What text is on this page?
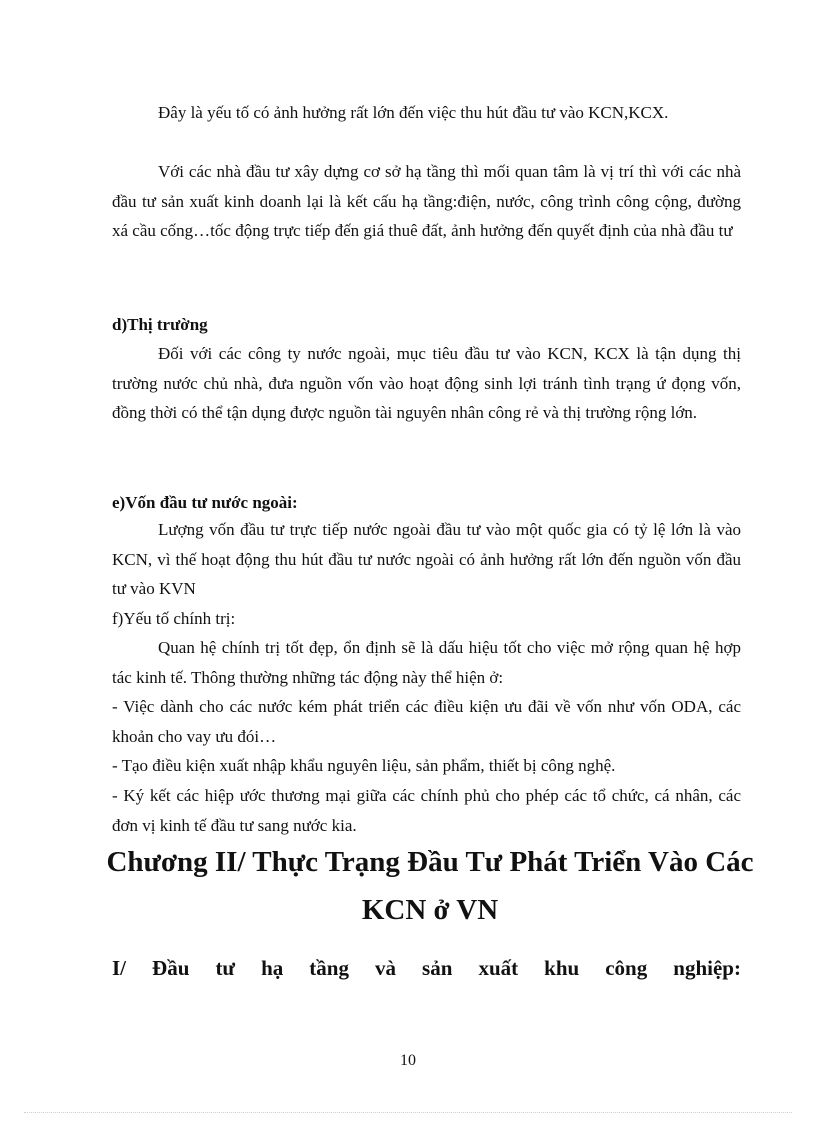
Đây là yếu tố có ảnh hưởng rất lớn đến việc thu hút đầu tư vào KCN,KCX.

Với các nhà đầu tư xây dựng cơ sở hạ tầng thì mối quan tâm là vị trí thì với các nhà đầu tư sản xuất kinh doanh lại là kết cấu hạ tầng:điện, nước, công trình công cộng, đường xá cầu cống…tốc động trực tiếp đến giá thuê đất, ảnh hưởng đến quyết định của nhà đầu tư

d)Thị trường

Đối với các công ty nước ngoài, mục tiêu đầu tư vào KCN, KCX là tận dụng thị trường nước chủ nhà, đưa nguồn vốn vào hoạt động sinh lợi tránh tình trạng ứ đọng vốn, đồng thời có thể tận dụng được nguồn tài nguyên nhân công rẻ và thị trường rộng lớn.

e)Vốn đầu tư nước ngoài:

Lượng vốn đầu tư trực tiếp nước ngoài đầu tư vào một quốc gia có tỷ lệ lớn là vào KCN, vì thế hoạt động thu hút đầu tư nước ngoài có ảnh hưởng rất lớn đến nguồn vốn đầu tư vào KVN

f)Yếu tố chính trị:

Quan hệ chính trị tốt đẹp, ổn định sẽ là dấu hiệu tốt cho việc mở rộng quan hệ hợp tác kinh tế. Thông thường những tác động này thể hiện ở:

- Việc dành cho các nước kém phát triển các điều kiện ưu đãi về vốn như vốn ODA, các khoản cho vay ưu đói…

- Tạo điều kiện xuất nhập khẩu nguyên liệu, sản phẩm, thiết bị công nghệ.

- Ký kết các hiệp ước thương mại giữa các chính phủ cho phép các tổ chức, cá nhân, các đơn vị kinh tế đầu tư sang nước kia.

Chương II/ Thực Trạng Đầu Tư Phát Triển Vào Các KCN ở VN
I/ Đầu tư hạ tầng và sản xuất khu công nghiệp:
10
